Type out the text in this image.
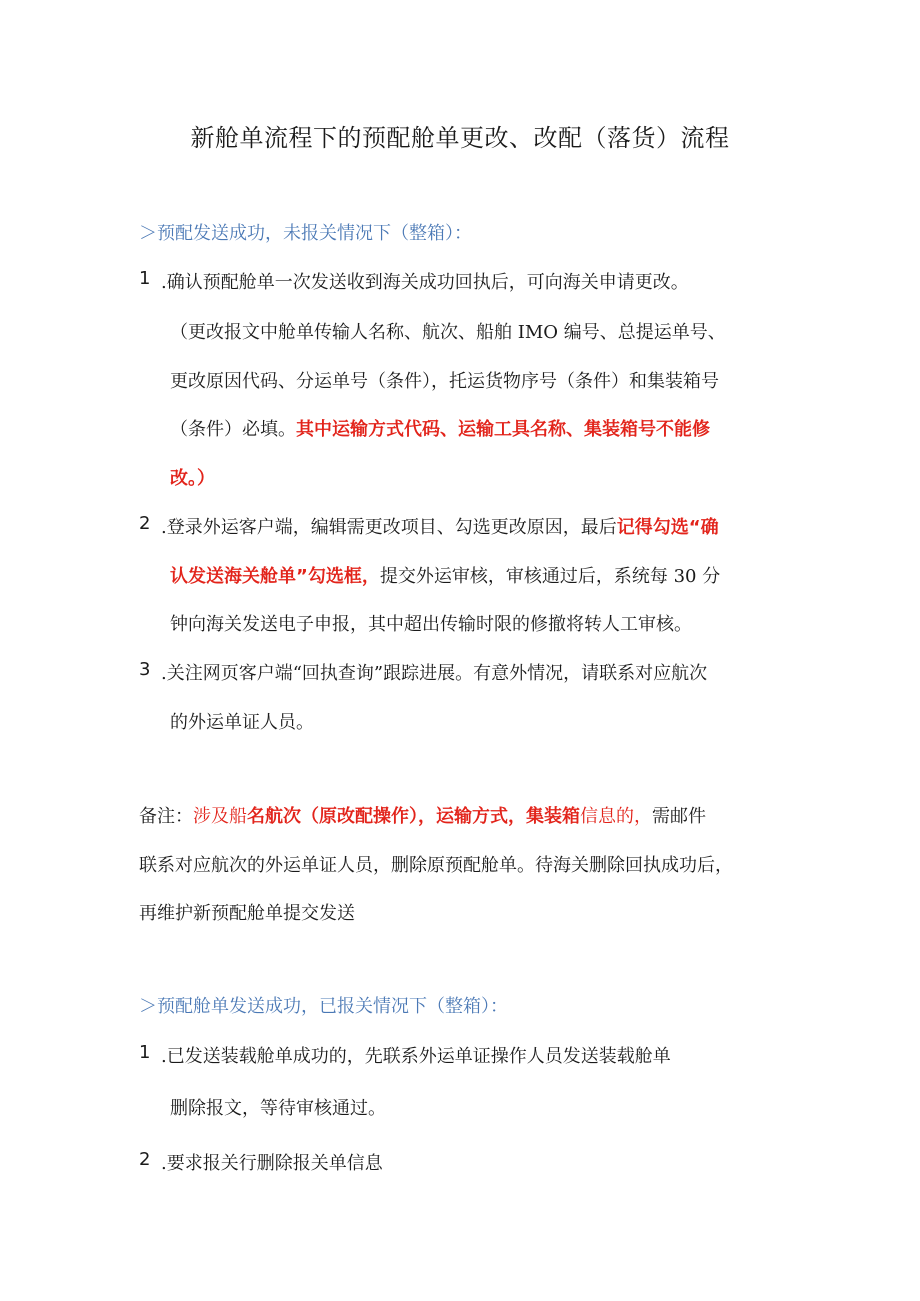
新舱单流程下的预配舱单更改、改配（落货）流程
＞预配发送成功，未报关情况下（整箱）：
1 .确认预配舱单一次发送收到海关成功回执后，可向海关申请更改。
（更改报文中舱单传输人名称、航次、船舶 IMO 编号、总提运单号、
更改原因代码、分运单号（条件），托运货物序号（条件）和集装箱号
（条件）必填。其中运输方式代码、运输工具名称、集装箱号不能修
改。）
2 .登录外运客户端，编辑需更改项目、勾选更改原因，最后记得勾选“确
认发送海关舱单”勾选框，提交外运审核，审核通过后，系统每 30 分
钟向海关发送电子申报，其中超出传输时限的修撤将转人工审核。
3 .关注网页客户端“回执查询”跟踪进展。有意外情况，请联系对应航次
的外运单证人员。
备注：涉及船名航次（原改配操作），运输方式，集装箱信息的，需邮件
联系对应航次的外运单证人员，删除原预配舱单。待海关删除回执成功后，
再维护新预配舱单提交发送
＞预配舱单发送成功，已报关情况下（整箱）：
1 .已发送装载舱单成功的，先联系外运单证操作人员发送装载舱单
删除报文，等待审核通过。
2 .要求报关行删除报关单信息
